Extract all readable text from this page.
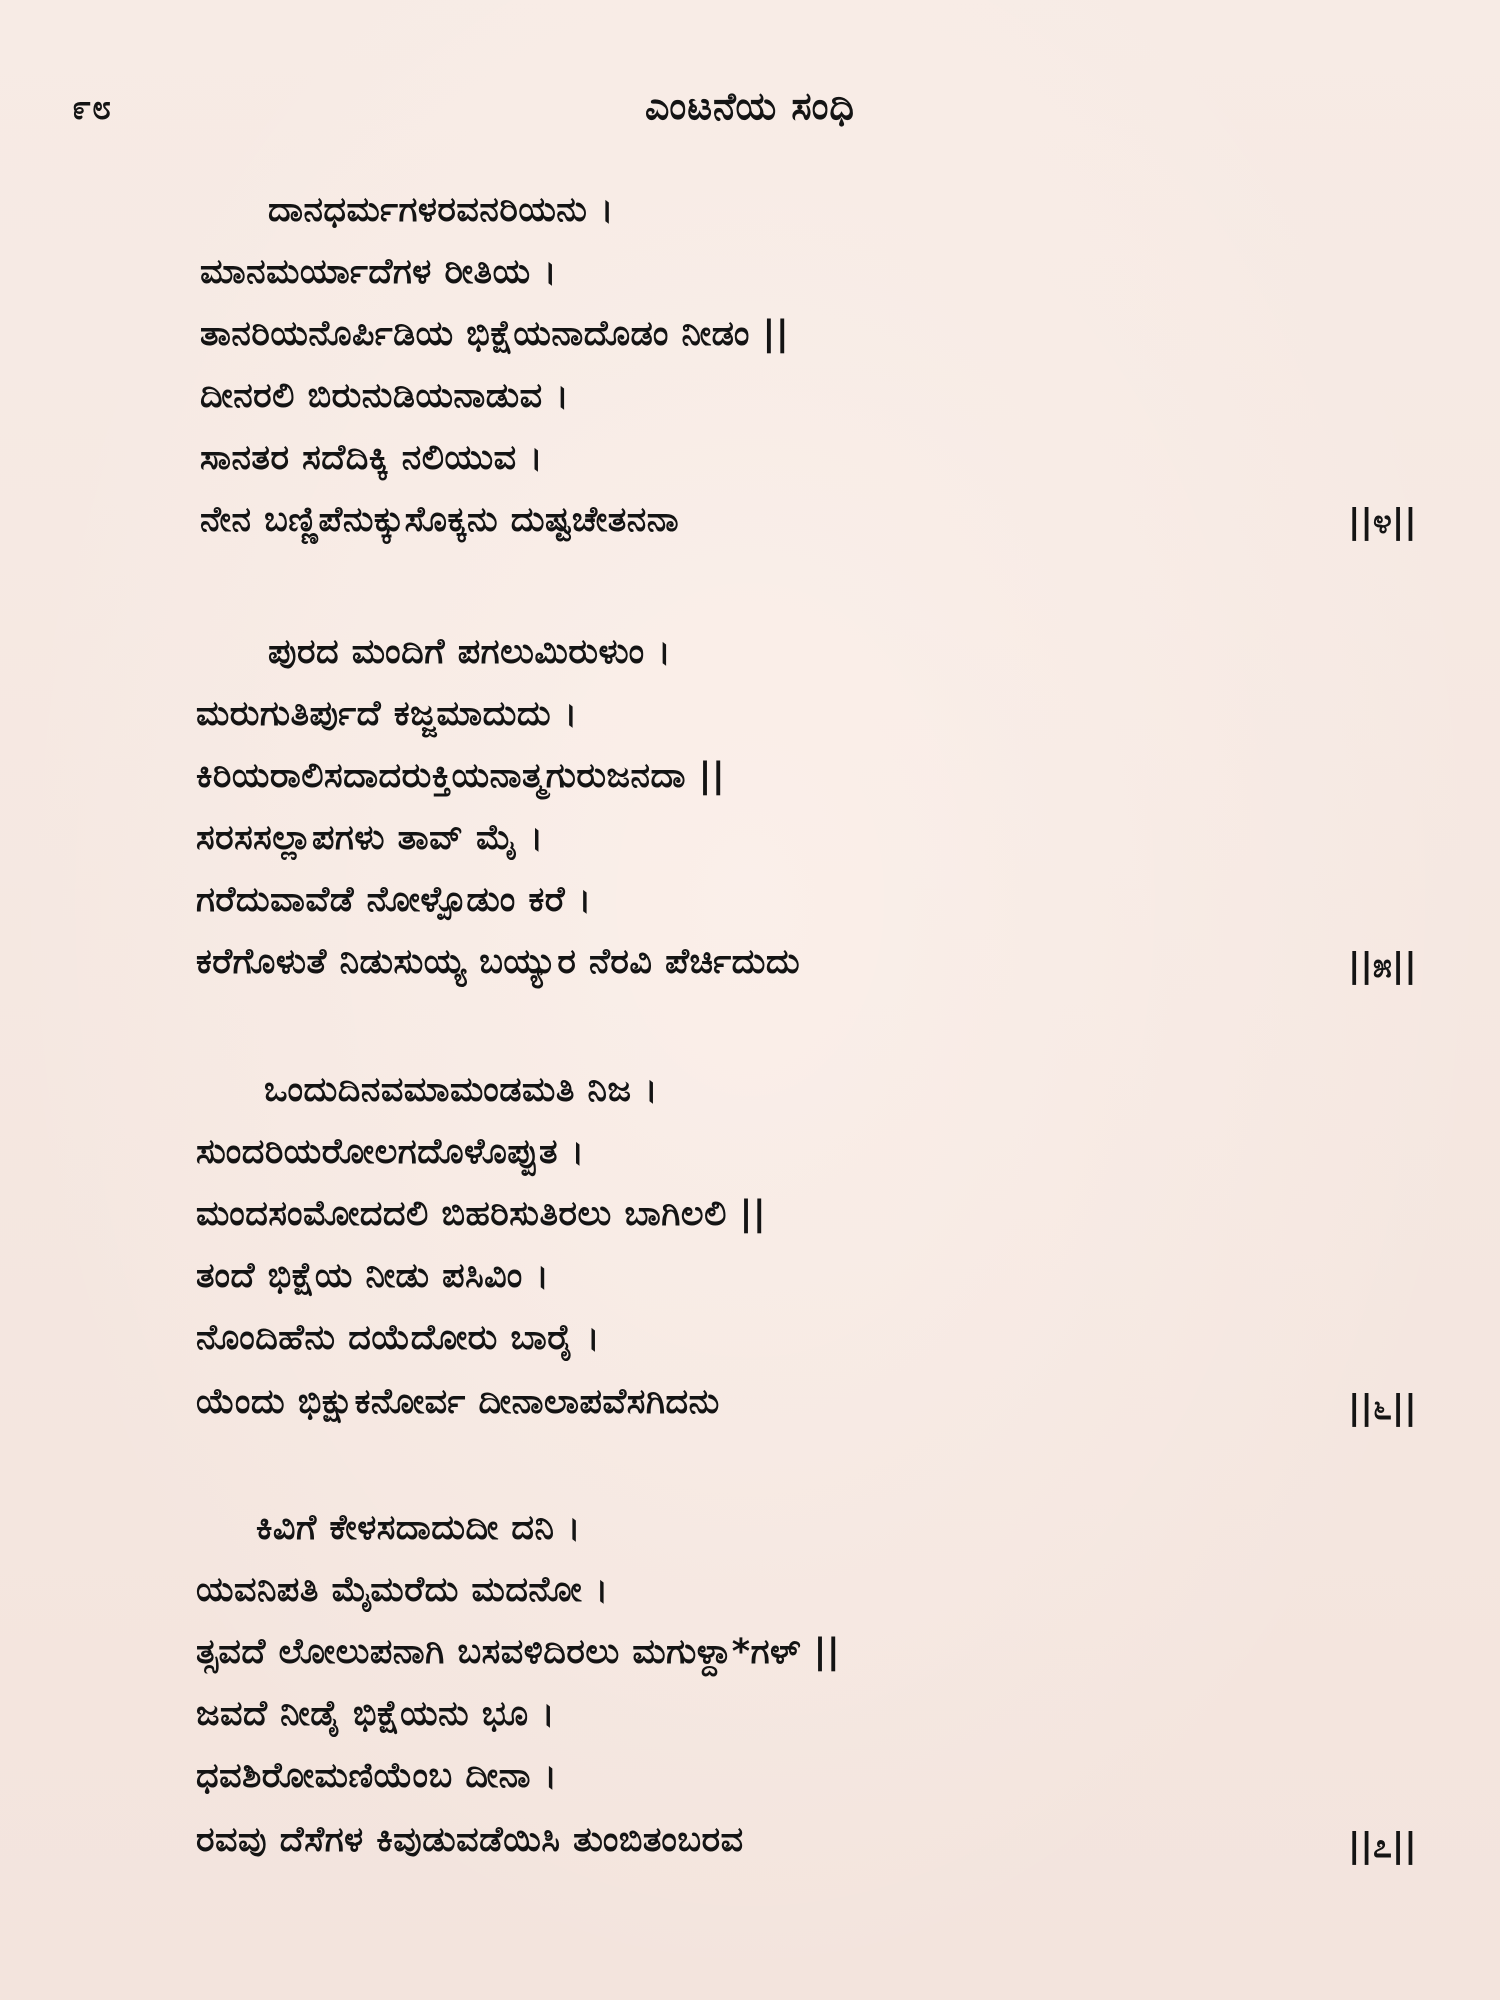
೯೮	ಎಂಟನೆಯ ಸಂಧಿ
ದಾನಧರ್ಮಗಳರವನರಿಯನು ।
ಮಾನಮರ್ಯಾದೆಗಳ ರೀತಿಯ ।
ತಾನರಿಯನೊರ್ಪಿಡಿಯ ಭಿಕ್ಷೆಯನಾದೊಡಂ ನೀಡಂ ||
ದೀನರಲಿ ಬಿರುನುಡಿಯನಾಡುವ ।
ಸಾನತರ ಸದೆದಿಕ್ಕಿ ನಲಿಯುವ ।
ನೇನ ಬಣ್ಣಿಪೆನುಕ್ಕುಸೊಕ್ಕನು ದುಷ್ಟಚೇತನನಾ	||೪||
ಪುರದ ಮಂದಿಗೆ ಪಗಲುಮಿರುಳುಂ ।
ಮರುಗುತಿರ್ಪುದೆ ಕಜ್ಜಮಾದುದು ।
ಕಿರಿಯರಾಲಿಸದಾದರುಕ್ತಿಯನಾತ್ಮಗುರುಜನದಾ ||
ಸರಸಸಲ್ಲಾಪಗಳು ತಾವ್ ಮೈ ।
ಗರೆದುವಾವೆಡೆ ನೋಳ್ಪೊಡುಂ ಕರೆ ।
ಕರೆಗೊಳುತೆ ನಿಡುಸುಯ್ಯ ಬಯ್ಯುರ ನೆರವಿ ಪೆರ್ಚಿದುದು	||೫||
ಒಂದುದಿನವಮಾಮಂಡಮತಿ ನಿಜ ।
ಸುಂದರಿಯರೋಲಗದೊಳೊಪ್ಪುತ ।
ಮಂದಸಂಮೋದದಲಿ ಬಿಹರಿಸುತಿರಲು ಬಾಗಿಲಲಿ ||
ತಂದೆ ಭಿಕ್ಷೆಯ ನೀಡು ಪಸಿವಿಂ ।
ನೊಂದಿಹೆನು ದಯೆದೋರು ಬಾರೈ ।
ಯೆಂದು ಭಿಕ್ಷುಕನೋರ್ವ ದೀನಾಲಾಪವೆಸಗಿದನು	||೬||
ಕಿವಿಗೆ ಕೇಳಸದಾದುದೀ ದನಿ ।
ಯವನಿಪತಿ ಮೈಮರೆದು ಮದನೋ ।
ತ್ಸವದೆ ಲೋಲುಪನಾಗಿ ಬಸವಳಿದಿರಲು ಮಗುಳ್ದಾ*ಗಳ್ ||
ಜವದೆ ನೀಡೈ ಭಿಕ್ಷೆಯನು ಭೂ ।
ಧವಶಿರೋಮಣಿಯೆಂಬ ದೀನಾ ।
ರವವು ದೆಸೆಗಳ ಕಿವುಡುವಡೆಯಿಸಿ ತುಂಬಿತಂಬರವ	||೭||
